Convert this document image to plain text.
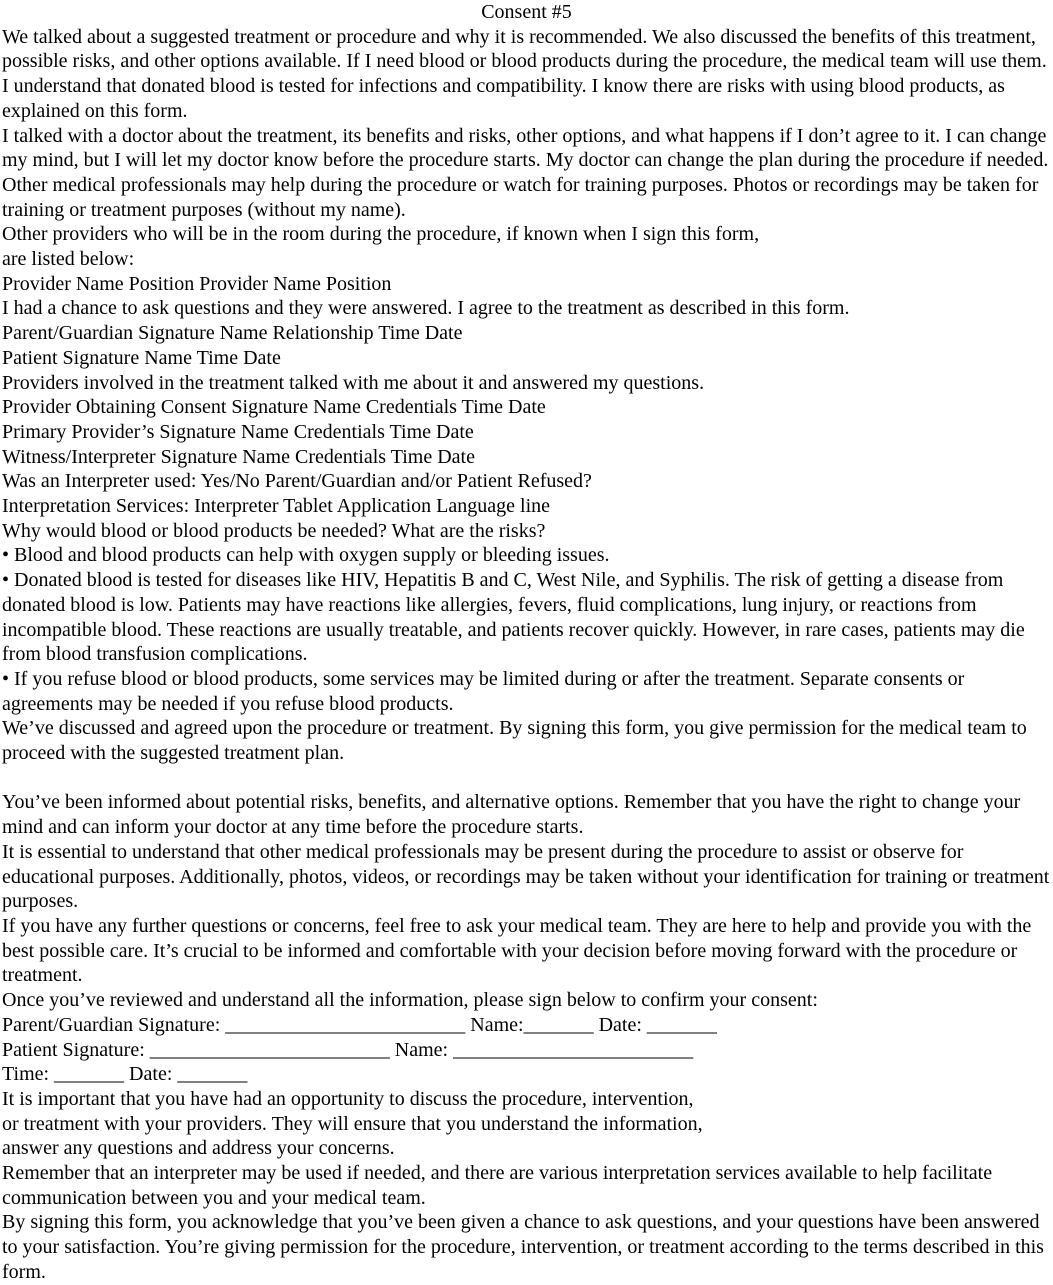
Consent #5
We talked about a suggested treatment or procedure and why it is recommended. We also discussed the benefits of this treatment, possible risks, and other options available. If I need blood or blood products during the procedure, the medical team will use them. I understand that donated blood is tested for infections and compatibility. I know there are risks with using blood products, as explained on this form.
I talked with a doctor about the treatment, its benefits and risks, other options, and what happens if I don’t agree to it. I can change my mind, but I will let my doctor know before the procedure starts. My doctor can change the plan during the procedure if needed. Other medical professionals may help during the procedure or watch for training purposes. Photos or recordings may be taken for training or treatment purposes (without my name).
Other providers who will be in the room during the procedure, if known when I sign this form,
are listed below:
Provider Name Position Provider Name Position
I had a chance to ask questions and they were answered. I agree to the treatment as described in this form.
Parent/Guardian Signature Name Relationship Time Date
Patient Signature Name Time Date
Providers involved in the treatment talked with me about it and answered my questions.
Provider Obtaining Consent Signature Name Credentials Time Date
Primary Provider’s Signature Name Credentials Time Date
Witness/Interpreter Signature Name Credentials Time Date
Was an Interpreter used: Yes/No Parent/Guardian and/or Patient Refused?
Interpretation Services: Interpreter Tablet Application Language line
Why would blood or blood products be needed? What are the risks?
• Blood and blood products can help with oxygen supply or bleeding issues.
• Donated blood is tested for diseases like HIV, Hepatitis B and C, West Nile, and Syphilis. The risk of getting a disease from donated blood is low. Patients may have reactions like allergies, fevers, fluid complications, lung injury, or reactions from incompatible blood. These reactions are usually treatable, and patients recover quickly. However, in rare cases, patients may die from blood transfusion complications.
• If you refuse blood or blood products, some services may be limited during or after the treatment. Separate consents or agreements may be needed if you refuse blood products.
We’ve discussed and agreed upon the procedure or treatment. By signing this form, you give permission for the medical team to proceed with the suggested treatment plan.
You’ve been informed about potential risks, benefits, and alternative options. Remember that you have the right to change your mind and can inform your doctor at any time before the procedure starts.
It is essential to understand that other medical professionals may be present during the procedure to assist or observe for educational purposes. Additionally, photos, videos, or recordings may be taken without your identification for training or treatment purposes.
If you have any further questions or concerns, feel free to ask your medical team. They are here to help and provide you with the best possible care. It’s crucial to be informed and comfortable with your decision before moving forward with the procedure or treatment.
Once you’ve reviewed and understand all the information, please sign below to confirm your consent:
Parent/Guardian Signature: ________________________ Name:_______ Date: _______
Patient Signature: ________________________ Name: ________________________
Time: _______ Date: _______
It is important that you have had an opportunity to discuss the procedure, intervention,
or treatment with your providers. They will ensure that you understand the information,
answer any questions and address your concerns.
Remember that an interpreter may be used if needed, and there are various interpretation services available to help facilitate communication between you and your medical team.
By signing this form, you acknowledge that you’ve been given a chance to ask questions, and your questions have been answered to your satisfaction. You’re giving permission for the procedure, intervention, or treatment according to the terms described in this form.
